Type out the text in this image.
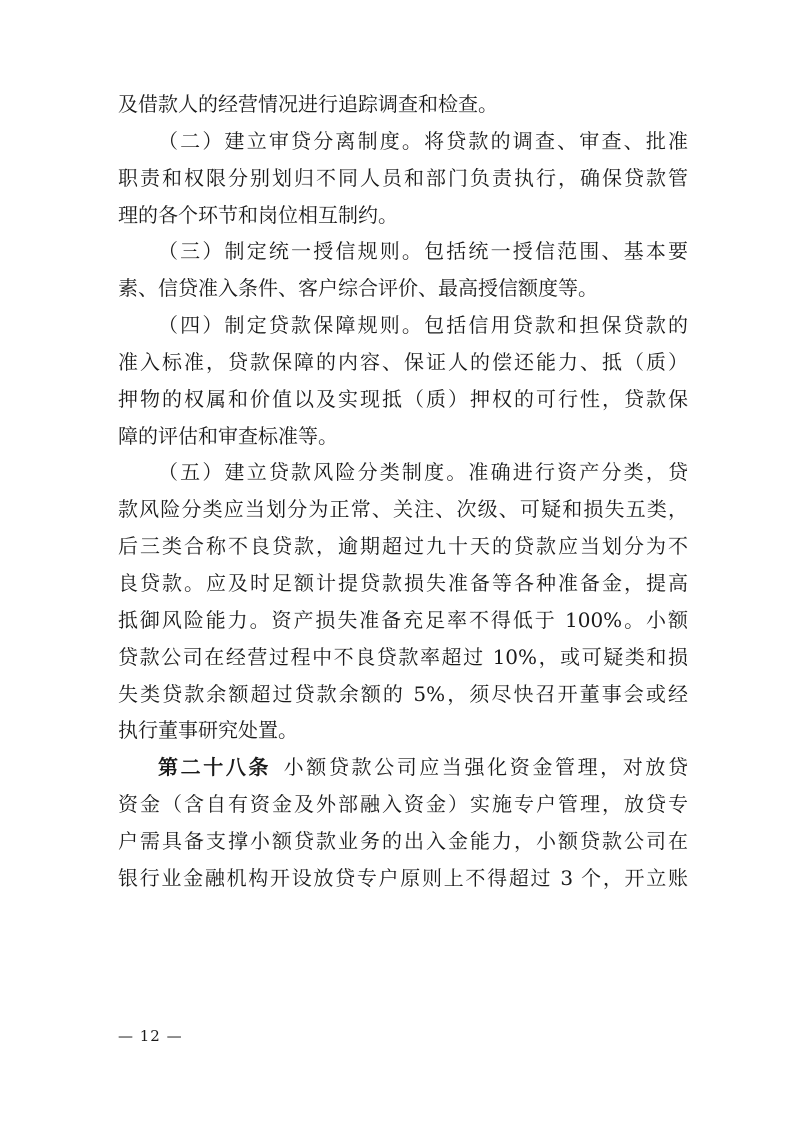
及借款人的经营情况进行追踪调查和检查。
（二）建立审贷分离制度。将贷款的调查、审查、批准
职责和权限分别划归不同人员和部门负责执行，确保贷款管
理的各个环节和岗位相互制约。
（三）制定统一授信规则。包括统一授信范围、基本要
素、信贷准入条件、客户综合评价、最高授信额度等。
（四）制定贷款保障规则。包括信用贷款和担保贷款的
准入标准，贷款保障的内容、保证人的偿还能力、抵（质）
押物的权属和价值以及实现抵（质）押权的可行性，贷款保
障的评估和审查标准等。
（五）建立贷款风险分类制度。准确进行资产分类，贷
款风险分类应当划分为正常、关注、次级、可疑和损失五类，
后三类合称不良贷款，逾期超过九十天的贷款应当划分为不
良贷款。应及时足额计提贷款损失准备等各种准备金，提高
抵御风险能力。资产损失准备充足率不得低于 100%。小额
贷款公司在经营过程中不良贷款率超过 10%，或可疑类和损
失类贷款余额超过贷款余额的 5%，须尽快召开董事会或经
执行董事研究处置。
第二十八条  小额贷款公司应当强化资金管理，对放贷
资金（含自有资金及外部融入资金）实施专户管理，放贷专
户需具备支撑小额贷款业务的出入金能力，小额贷款公司在
银行业金融机构开设放贷专户原则上不得超过 3 个，开立账
— 12 —
